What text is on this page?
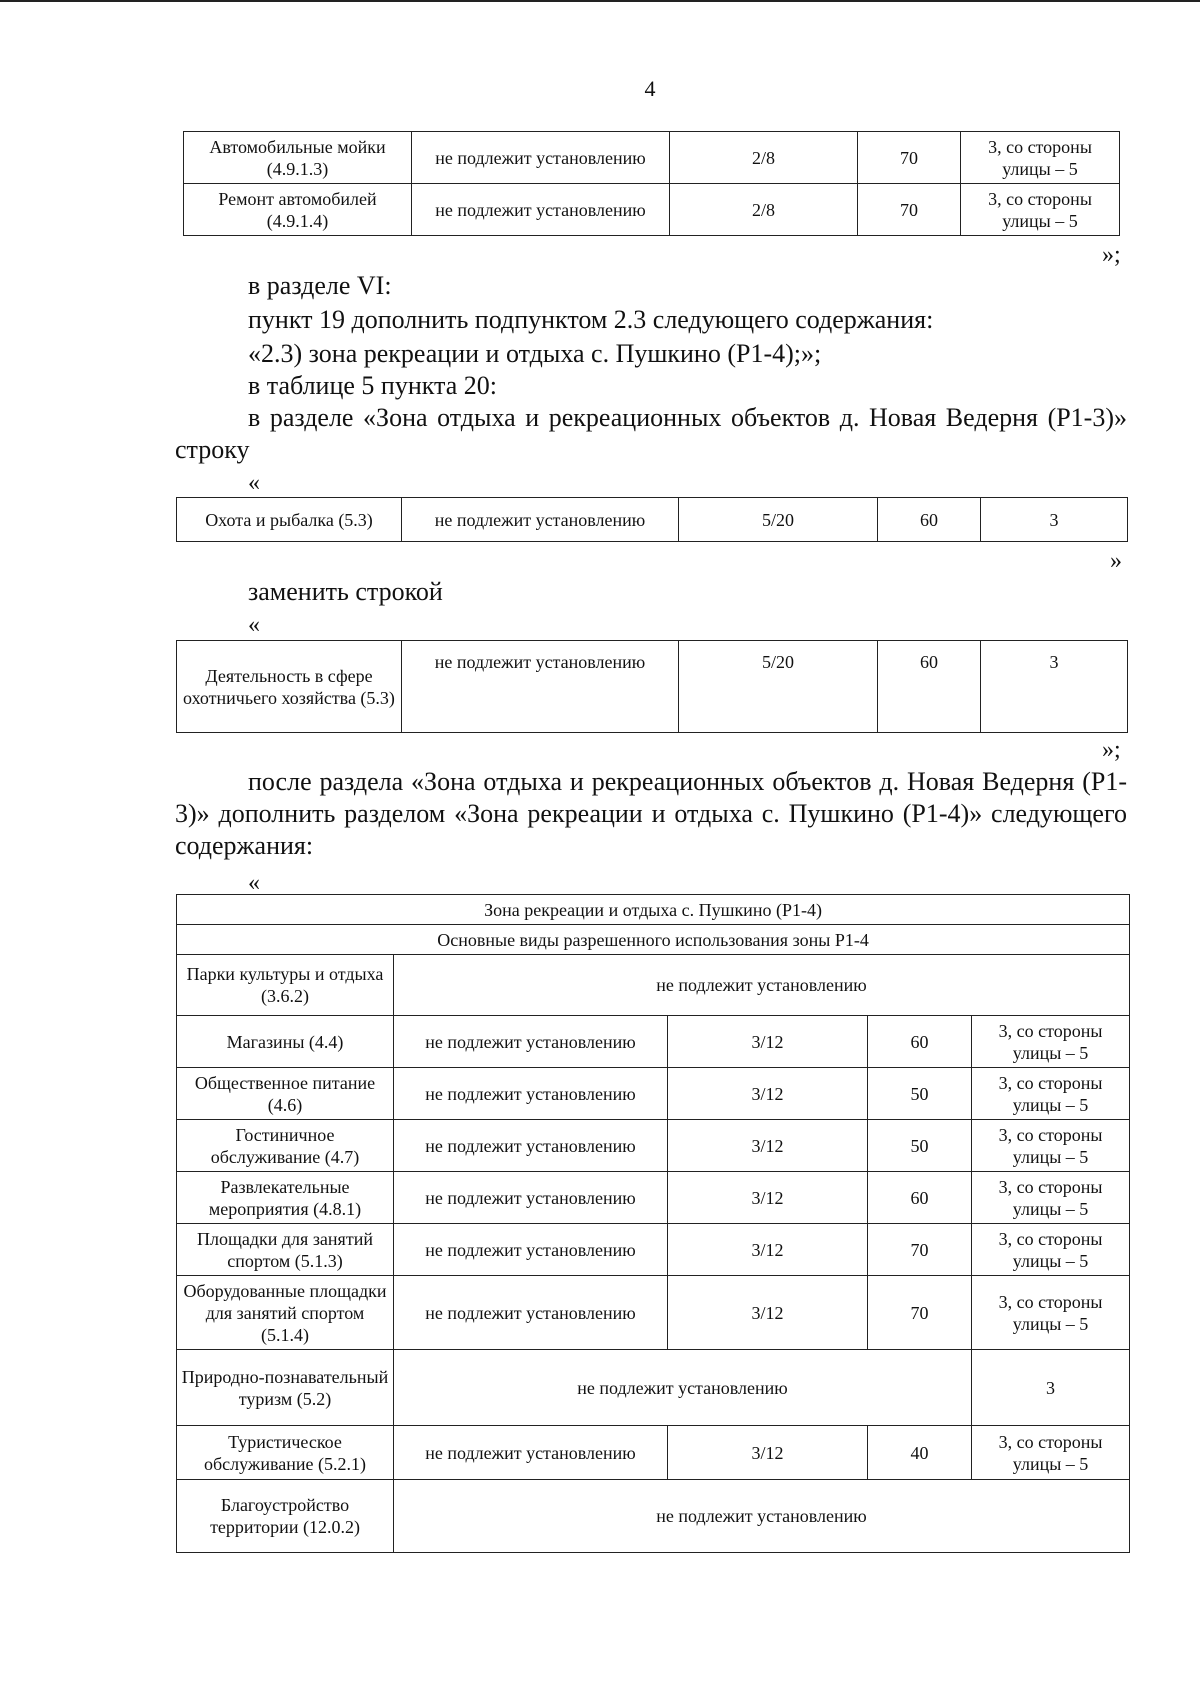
4
Автомобильные мойки (4.9.1.3)	не подлежит установлению	2/8	70	3, со стороны улицы – 5
Ремонт автомобилей (4.9.1.4)	не подлежит установлению	2/8	70	3, со стороны улицы – 5
»;
в разделе VI:
пункт 19 дополнить подпунктом 2.3 следующего содержания:
«2.3) зона рекреации и отдыха с. Пушкино (Р1-4);»;
в таблице 5 пункта 20:
в разделе «Зона отдыха и рекреационных объектов д. Новая Ведерня (Р1-3)» строку
«
Охота и рыбалка (5.3)	не подлежит установлению	5/20	60	3
»
заменить строкой
«
Деятельность в сфере охотничьего хозяйства (5.3)	не подлежит установлению	5/20	60	3
»;
после раздела «Зона отдыха и рекреационных объектов д. Новая Ведерня (Р1-3)» дополнить разделом «Зона рекреации и отдыха с. Пушкино (Р1-4)» следующего содержания:
«
Зона рекреации и отдыха с. Пушкино (Р1-4)				
Основные виды разрешенного использования зоны Р1-4				
Парки культуры и отдыха (3.6.2)	не подлежит установлению			
Магазины (4.4)	не подлежит установлению	3/12	60	3, со стороны улицы – 5
Общественное питание (4.6)	не подлежит установлению	3/12	50	3, со стороны улицы – 5
Гостиничное обслуживание (4.7)	не подлежит установлению	3/12	50	3, со стороны улицы – 5
Развлекательные мероприятия (4.8.1)	не подлежит установлению	3/12	60	3, со стороны улицы – 5
Площадки для занятий спортом (5.1.3)	не подлежит установлению	3/12	70	3, со стороны улицы – 5
Оборудованные площадки для занятий спортом (5.1.4)	не подлежит установлению	3/12	70	3, со стороны улицы – 5
Природно-познавательный туризм (5.2)	не подлежит установлению			3
Туристическое обслуживание (5.2.1)	не подлежит установлению	3/12	40	3, со стороны улицы – 5
Благоустройство территории (12.0.2)	не подлежит установлению			
